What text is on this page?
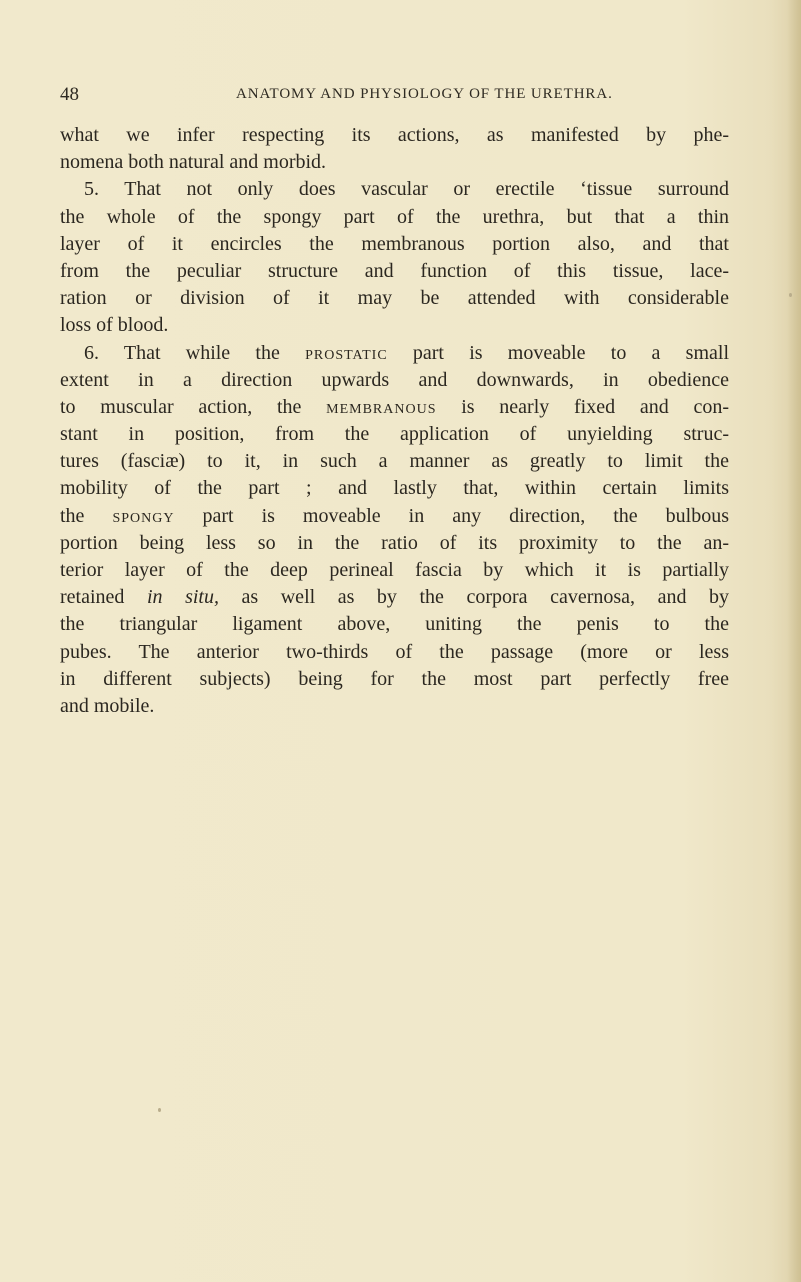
48	ANATOMY AND PHYSIOLOGY OF THE URETHRA.
what we infer respecting its actions, as manifested by phe-
nomena both natural and morbid.
5. That not only does vascular or erectile ‘tissue surround
the whole of the spongy part of the urethra, but that a thin
layer of it encircles the membranous portion also, and that
from the peculiar structure and function of this tissue, lace-
ration or division of it may be attended with considerable
loss of blood.
6. That while the prostatic part is moveable to a small
extent in a direction upwards and downwards, in obedience
to muscular action, the membranous is nearly fixed and con-
stant in position, from the application of unyielding struc-
tures (fasciæ) to it, in such a manner as greatly to limit the
mobility of the part ; and lastly that, within certain limits
the spongy part is moveable in any direction, the bulbous
portion being less so in the ratio of its proximity to the an-
terior layer of the deep perineal fascia by which it is partially
retained in situ, as well as by the corpora cavernosa, and by
the triangular ligament above, uniting the penis to the
pubes. The anterior two-thirds of the passage (more or less
in different subjects) being for the most part perfectly free
and mobile.
